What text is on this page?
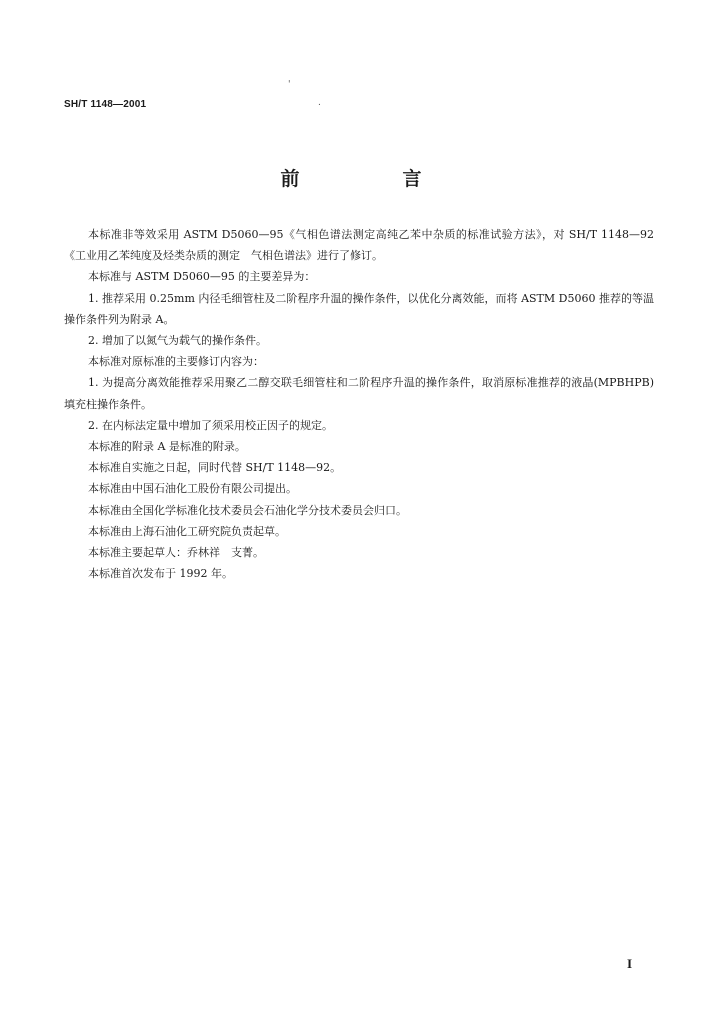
'
.
SH/T 1148—2001
前　言

本标准非等效采用 ASTM D5060—95《气相色谱法测定高纯乙苯中杂质的标准试验方法》，对 SH/T 1148—92《工业用乙苯纯度及烃类杂质的测定　气相色谱法》进行了修订。

本标准与 ASTM D5060—95 的主要差异为：

1. 推荐采用 0.25mm 内径毛细管柱及二阶程序升温的操作条件，以优化分离效能，而将 ASTM D5060 推荐的等温操作条件列为附录 A。

2. 增加了以氮气为载气的操作条件。

本标准对原标准的主要修订内容为：

1. 为提高分离效能推荐采用聚乙二醇交联毛细管柱和二阶程序升温的操作条件，取消原标准推荐的液晶(MPBHPB)填充柱操作条件。

2. 在内标法定量中增加了须采用校正因子的规定。

本标准的附录 A 是标准的附录。

本标准自实施之日起，同时代替 SH/T 1148—92。

本标准由中国石油化工股份有限公司提出。

本标准由全国化学标准化技术委员会石油化学分技术委员会归口。

本标准由上海石油化工研究院负责起草。

本标准主要起草人：乔林祥　支菁。

本标准首次发布于 1992 年。

I
